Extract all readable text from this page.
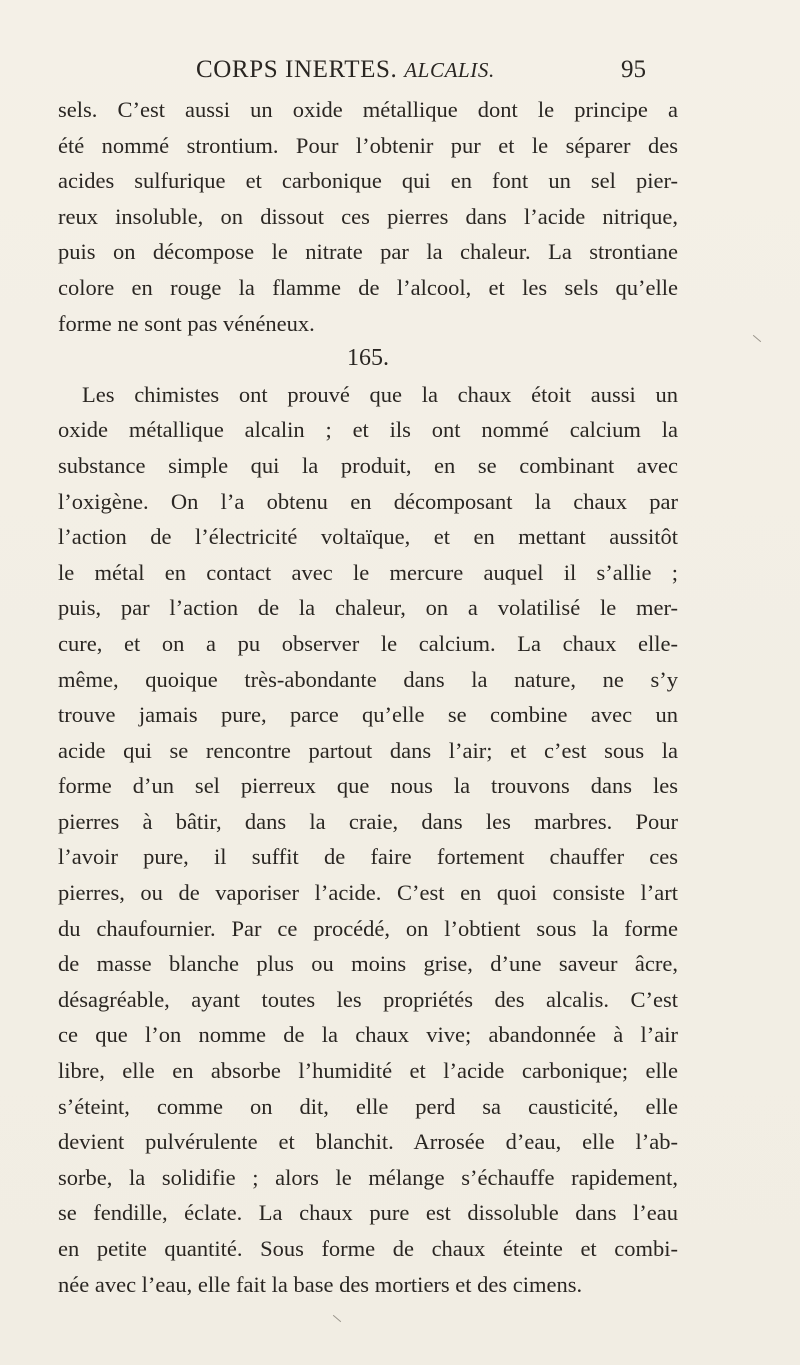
CORPS INERTES. ALCALIS.	95
sels. C’est aussi un oxide métallique dont le principe a
été nommé strontium. Pour l’obtenir pur et le séparer des
acides sulfurique et carbonique qui en font un sel pier-
reux insoluble, on dissout ces pierres dans l’acide nitrique,
puis on décompose le nitrate par la chaleur. La strontiane
colore en rouge la flamme de l’alcool, et les sels qu’elle
forme ne sont pas vénéneux.
165.
Les chimistes ont prouvé que la chaux étoit aussi un
oxide métallique alcalin ; et ils ont nommé calcium la
substance simple qui la produit, en se combinant avec
l’oxigène. On l’a obtenu en décomposant la chaux par
l’action de l’électricité voltaïque, et en mettant aussitôt
le métal en contact avec le mercure auquel il s’allie ;
puis, par l’action de la chaleur, on a volatilisé le mer-
cure, et on a pu observer le calcium. La chaux elle-
même, quoique très-abondante dans la nature, ne s’y
trouve jamais pure, parce qu’elle se combine avec un
acide qui se rencontre partout dans l’air; et c’est sous la
forme d’un sel pierreux que nous la trouvons dans les
pierres à bâtir, dans la craie, dans les marbres. Pour
l’avoir pure, il suffit de faire fortement chauffer ces
pierres, ou de vaporiser l’acide. C’est en quoi consiste l’art
du chaufournier. Par ce procédé, on l’obtient sous la forme
de masse blanche plus ou moins grise, d’une saveur âcre,
désagréable, ayant toutes les propriétés des alcalis. C’est
ce que l’on nomme de la chaux vive; abandonnée à l’air
libre, elle en absorbe l’humidité et l’acide carbonique; elle
s’éteint, comme on dit, elle perd sa causticité, elle
devient pulvérulente et blanchit. Arrosée d’eau, elle l’ab-
sorbe, la solidifie ; alors le mélange s’échauffe rapidement,
se fendille, éclate. La chaux pure est dissoluble dans l’eau
en petite quantité. Sous forme de chaux éteinte et combi-
née avec l’eau, elle fait la base des mortiers et des cimens.
